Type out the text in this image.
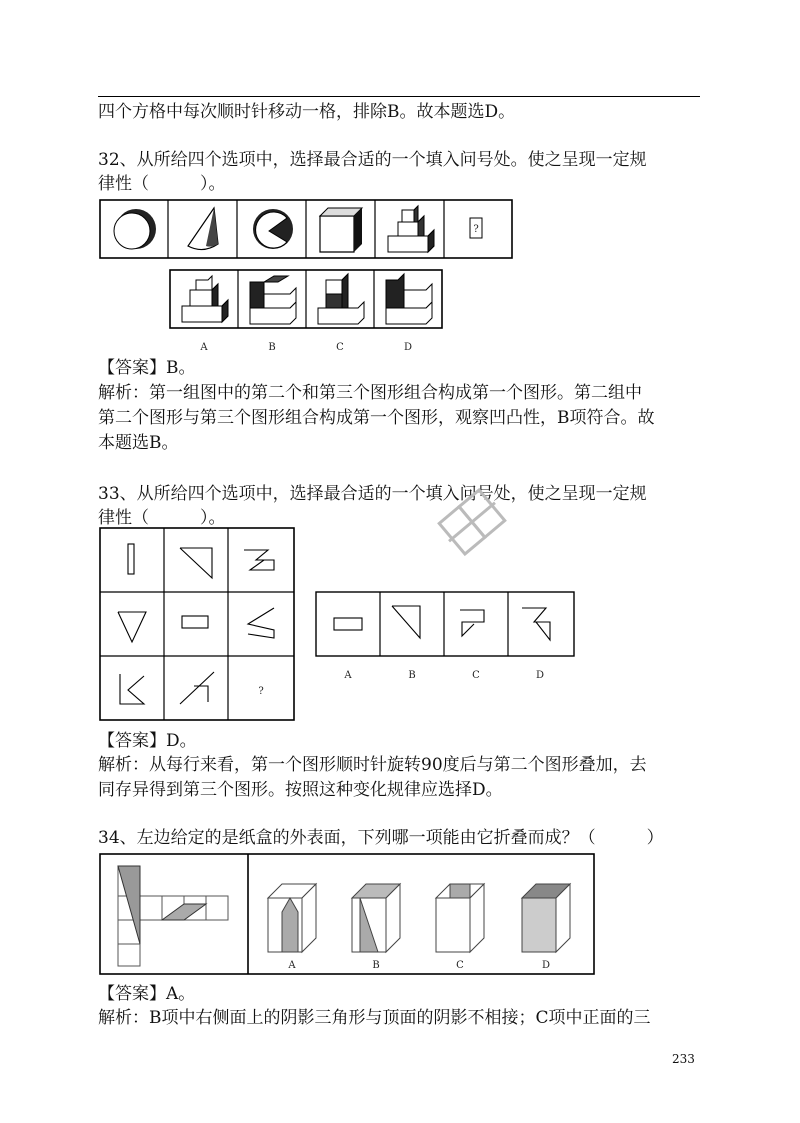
四个方格中每次顺时针移动一格，排除B。故本题选D。
32、从所给四个选项中，选择最合适的一个填入问号处。使之呈现一定规
律性（　　　）。
?
A	B	C	D
【答案】B。
解析：第一组图中的第二个和第三个图形组合构成第一个图形。第二组中
第二个图形与第三个图形组合构成第一个图形，观察凹凸性，B项符合。故
本题选B。
33、从所给四个选项中，选择最合适的一个填入问号处，使之呈现一定规
律性（　　　）。
?
A	B	C	D
【答案】D。
解析：从每行来看，第一个图形顺时针旋转90度后与第二个图形叠加，去
同存异得到第三个图形。按照这种变化规律应选择D。
34、左边给定的是纸盒的外表面，下列哪一项能由它折叠而成？（　　　）
A	B	C	D
【答案】A。
解析：B项中右侧面上的阴影三角形与顶面的阴影不相接；C项中正面的三
233
